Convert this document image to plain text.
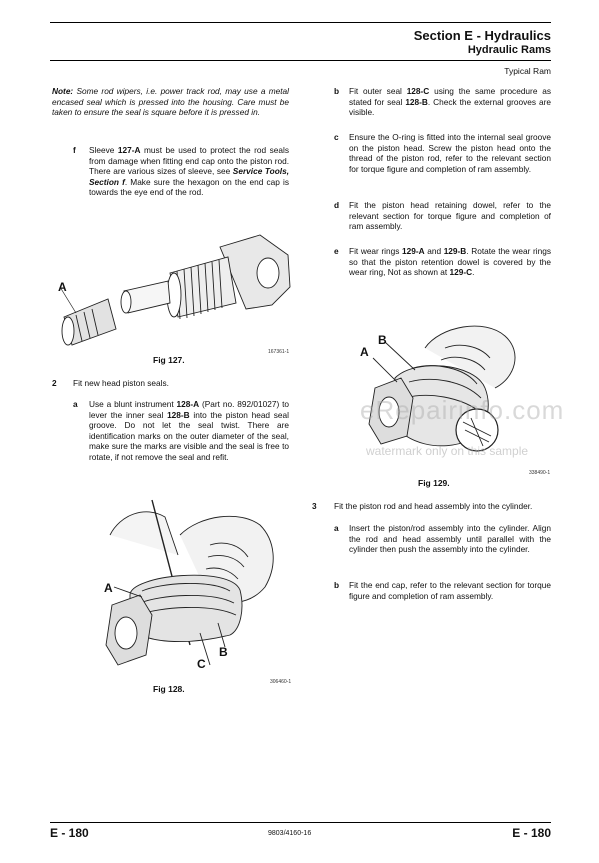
Section E - Hydraulics
Hydraulic Rams
Typical Ram
Note: Some rod wipers, i.e. power track rod, may use a metal encased seal which is pressed into the housing. Care must be taken to ensure the seal is square before it is pressed in.
f Sleeve 127-A must be used to protect the rod seals from damage when fitting end cap onto the piston rod. There are various sizes of sleeve, see Service Tools, Section f. Make sure the hexagon on the end cap is towards the eye end of the rod.
A
Fig 127.
167361-1
2 Fit new head piston seals.
a Use a blunt instrument 128-A (Part no. 892/01027) to lever the inner seal 128-B into the piston head seal groove. Do not let the seal twist. There are identification marks on the outer diameter of the seal, make sure the marks are visible and the seal is free to rotate, if not remove the seal and refit.
A
B
C
Fig 128.
306460-1
b Fit outer seal 128-C using the same procedure as stated for seal 128-B. Check the external grooves are visible.
c Ensure the O-ring is fitted into the internal seal groove on the piston head. Screw the piston head onto the thread of the piston rod, refer to the relevant section for torque figure and completion of ram assembly.
d Fit the piston head retaining dowel, refer to the relevant section for torque figure and completion of ram assembly.
e Fit wear rings 129-A and 129-B. Rotate the wear rings so that the piston retention dowel is covered by the wear ring, Not as shown at 129-C.
A
B
eRepairinfo.com
watermark only on this sample
Fig 129.
338490-1
3 Fit the piston rod and head assembly into the cylinder.
a Insert the piston/rod assembly into the cylinder. Align the rod and head assembly until parallel with the cylinder then push the assembly into the cylinder.
b Fit the end cap, refer to the relevant section for torque figure and completion of ram assembly.
E - 180	9803/4160-16	E - 180
